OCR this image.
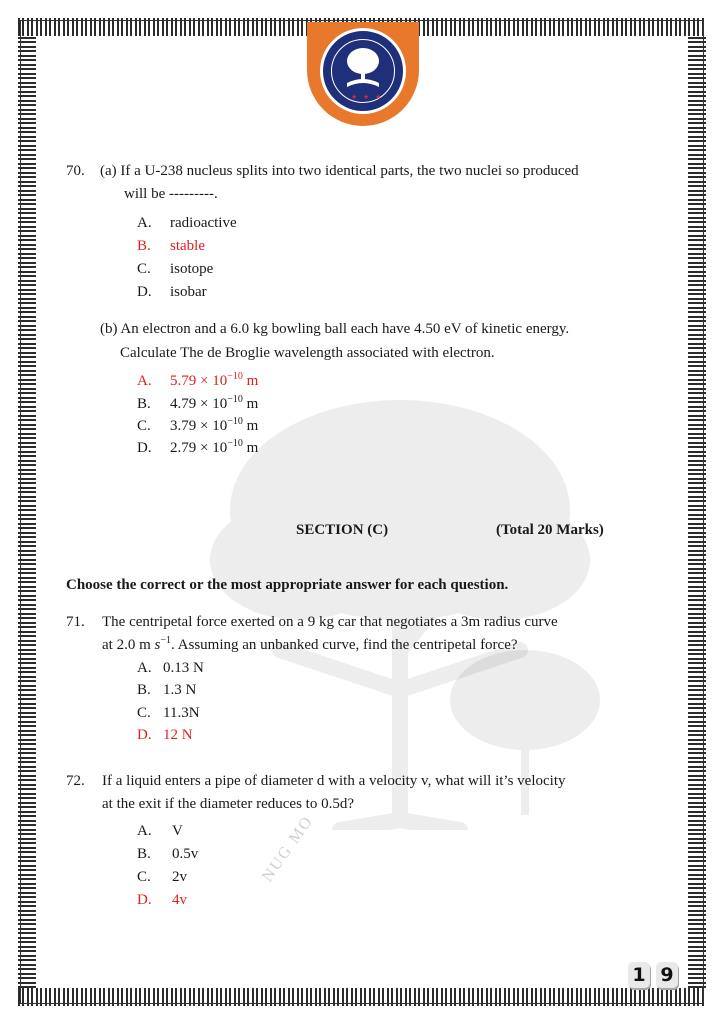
NUG MO
★ ★ ★
70. (a) If a U-238 nucleus splits into two identical parts, the two nuclei so produced
will be ---------.
A. radioactive
B. stable
C. isotope
D. isobar
(b) An electron and a 6.0 kg bowling ball each have 4.50 eV of kinetic energy.
Calculate The de Broglie wavelength associated with electron.
A. $5.79 \times 10^{-10}$ m
B. $4.79 \times 10^{-10}$ m
C. $3.79 \times 10^{-10}$ m
D. $2.79 \times 10^{-10}$ m
SECTION (C)	(Total 20 Marks)
Choose the correct or the most appropriate answer for each question.
71. The centripetal force exerted on a 9 kg car that negotiates a 3m radius curve
at 2.0 m $s^{-1}$. Assuming an unbanked curve, find the centripetal force?
A. 0.13 N
B. 1.3 N
C. 11.3N
D. 12 N
72. If a liquid enters a pipe of diameter d with a velocity v, what will it’s velocity
at the exit if the diameter reduces to 0.5d?
A. V
B. 0.5v
C. 2v
D. 4v
1 9
